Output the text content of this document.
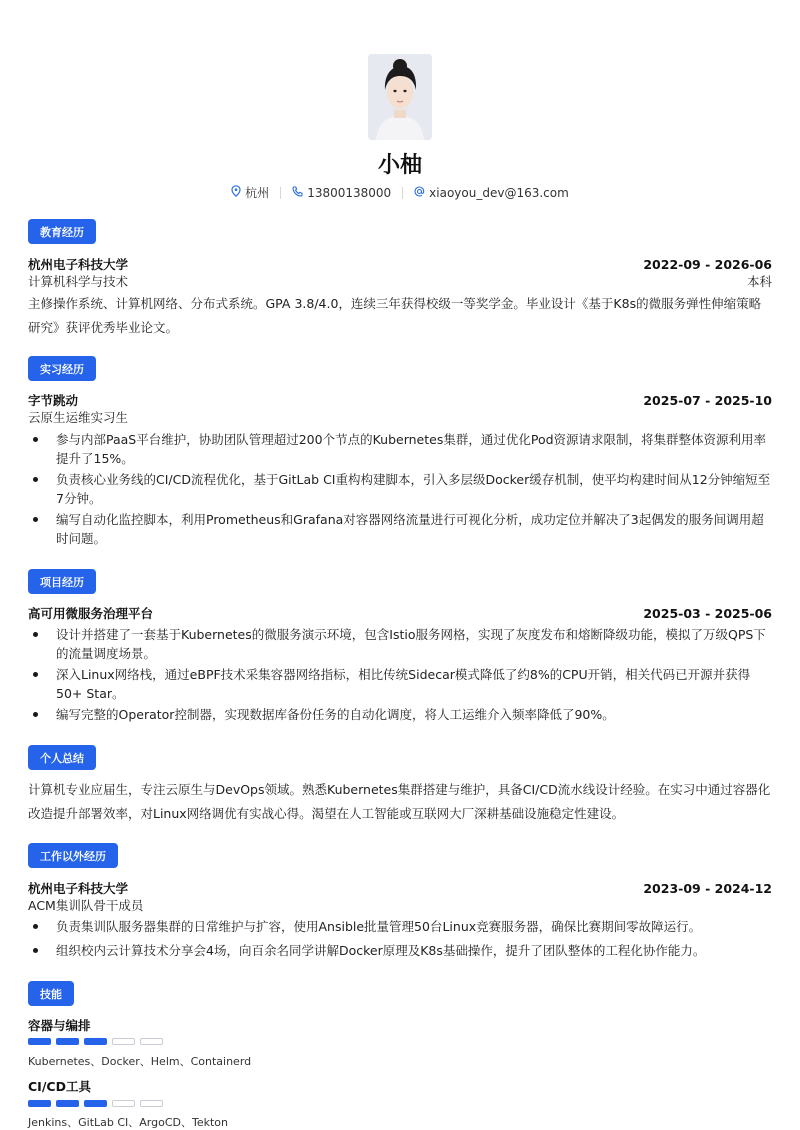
小柚
杭州	13800138000	xiaoyou_dev@163.com
教育经历
杭州电子科技大学	2022-09 - 2026-06
计算机科学与技术	本科
主修操作系统、计算机网络、分布式系统。GPA 3.8/4.0，连续三年获得校级一等奖学金。毕业设计《基于K8s的微服务弹性伸缩策略研究》获评优秀毕业论文。
实习经历
字节跳动	2025-07 - 2025-10
云原生运维实习生
参与内部PaaS平台维护，协助团队管理超过200个节点的Kubernetes集群，通过优化Pod资源请求限制，将集群整体资源利用率提升了15%。
负责核心业务线的CI/CD流程优化，基于GitLab CI重构构建脚本，引入多层级Docker缓存机制，使平均构建时间从12分钟缩短至7分钟。
编写自动化监控脚本，利用Prometheus和Grafana对容器网络流量进行可视化分析，成功定位并解决了3起偶发的服务间调用超时问题。
项目经历
高可用微服务治理平台	2025-03 - 2025-06
设计并搭建了一套基于Kubernetes的微服务演示环境，包含Istio服务网格，实现了灰度发布和熔断降级功能，模拟了万级QPS下的流量调度场景。
深入Linux网络栈，通过eBPF技术采集容器网络指标，相比传统Sidecar模式降低了约8%的CPU开销，相关代码已开源并获得50+ Star。
编写完整的Operator控制器，实现数据库备份任务的自动化调度，将人工运维介入频率降低了90%。
个人总结
计算机专业应届生，专注云原生与DevOps领域。熟悉Kubernetes集群搭建与维护，具备CI/CD流水线设计经验。在实习中通过容器化改造提升部署效率，对Linux网络调优有实战心得。渴望在人工智能或互联网大厂深耕基础设施稳定性建设。
工作以外经历
杭州电子科技大学	2023-09 - 2024-12
ACM集训队骨干成员
负责集训队服务器集群的日常维护与扩容，使用Ansible批量管理50台Linux竞赛服务器，确保比赛期间零故障运行。
组织校内云计算技术分享会4场，向百余名同学讲解Docker原理及K8s基础操作，提升了团队整体的工程化协作能力。
技能
容器与编排
Kubernetes、Docker、Helm、Containerd
CI/CD工具
Jenkins、GitLab CI、ArgoCD、Tekton
